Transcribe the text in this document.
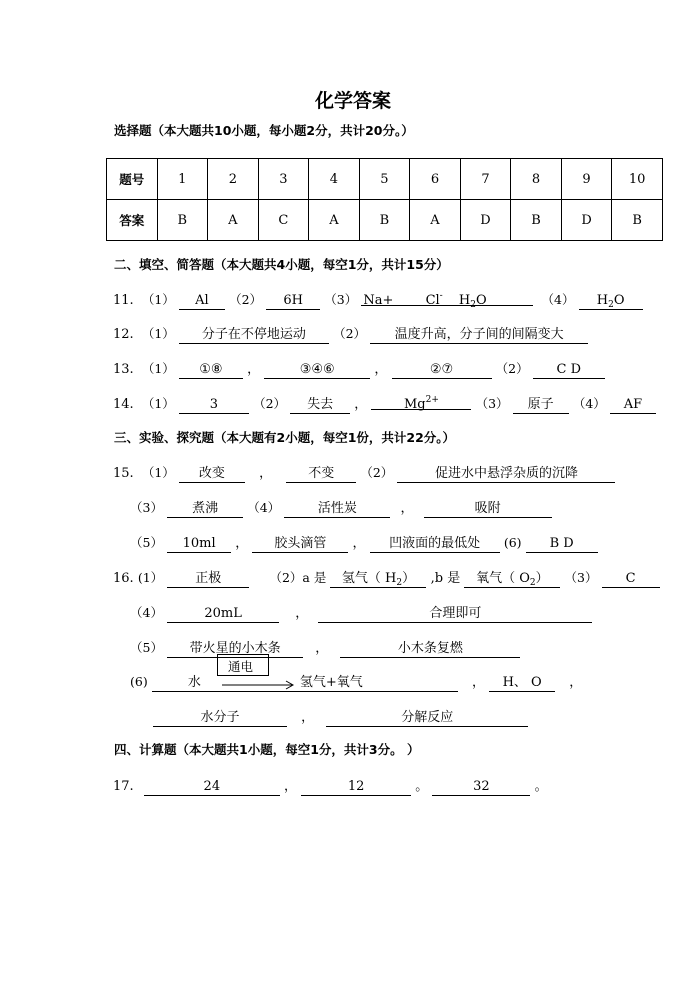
化学答案
选择题（本大题共10小题，每小题2分，共计20分。）
题号	1	2	3	4	5	6	7	8	9	10
答案	B	A	C	A	B	A	D	B	D	B
二、填空、简答题（本大题共4小题，每空1分，共计15分）
11. （1） Al （2） 6H （3） Na+ Cl- $H_2O$	（4） $H_2O$
12. （1） 分子在不停地运动 （2） 温度升高，分子间的间隔变大
13. （1） ①⑧ ，	③④⑥	，	②⑦	（2） C D
14. （1）	3	（2） 失去 ，	$Mg^{2+}$	（3） 原子 （4） AF
三、实验、探究题（本大题有2小题，每空1份，共计22分。）
15. （1） 改变	，	不变 （2）	促进水中悬浮杂质的沉降
（3） 煮沸 （4）	活性炭	，	吸附
（5） 10ml ， 胶头滴管 ， 凹液面的最低处 (6) B D
16. (1） 正极	（2）a 是 氢气（ $H_2$） ,b 是 氧气（ $O_2$） （3） C
（4）	20mL	，	合理即可
（5） 带火星的小木条	，	小木条复燃
通电
(6)	水	氢气+氧气	， H、 O ，
水分子	，	分解反应
四、计算题（本大题共1小题，每空1分，共计3分。 ）
17.	24	，	12	。	32	。
